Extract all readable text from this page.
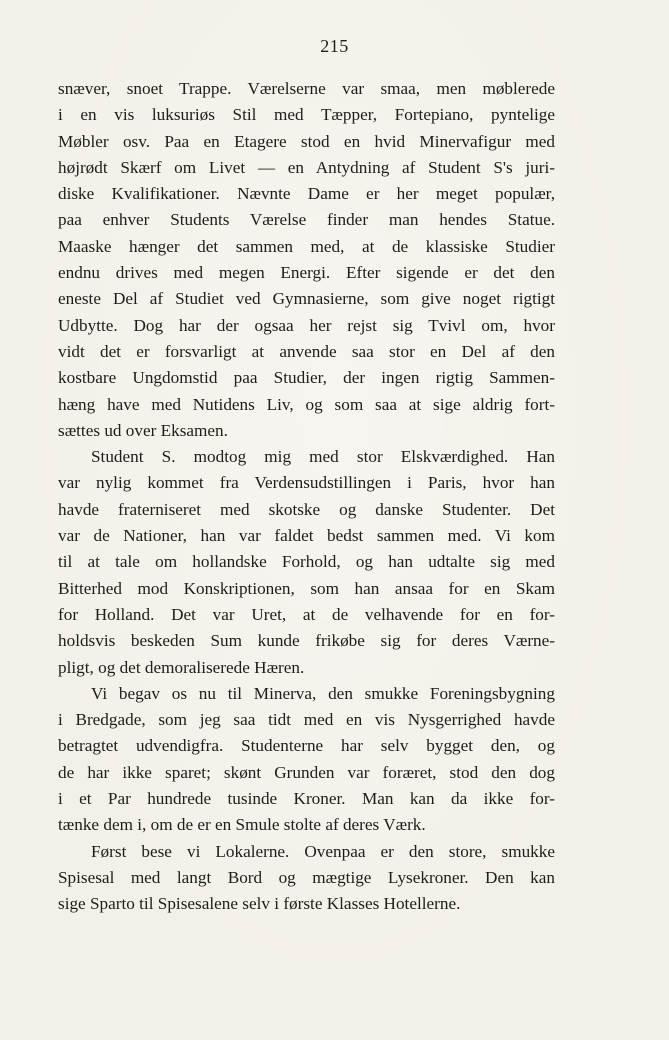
215
snæver, snoet Trappe. Værelserne var smaa, men møblerede
i en vis luksuriøs Stil med Tæpper, Fortepiano, pyntelige
Møbler osv. Paa en Etagere stod en hvid Minervafigur med
højrødt Skærf om Livet — en Antydning af Student S's juri-
diske Kvalifikationer. Nævnte Dame er her meget populær,
paa enhver Students Værelse finder man hendes Statue.
Maaske hænger det sammen med, at de klassiske Studier
endnu drives med megen Energi. Efter sigende er det den
eneste Del af Studiet ved Gymnasierne, som give noget rigtigt
Udbytte. Dog har der ogsaa her rejst sig Tvivl om, hvor
vidt det er forsvarligt at anvende saa stor en Del af den
kostbare Ungdomstid paa Studier, der ingen rigtig Sammen-
hæng have med Nutidens Liv, og som saa at sige aldrig fort-
sættes ud over Eksamen.
Student S. modtog mig med stor Elskværdighed. Han
var nylig kommet fra Verdensudstillingen i Paris, hvor han
havde fraterniseret med skotske og danske Studenter. Det
var de Nationer, han var faldet bedst sammen med. Vi kom
til at tale om hollandske Forhold, og han udtalte sig med
Bitterhed mod Konskriptionen, som han ansaa for en Skam
for Holland. Det var Uret, at de velhavende for en for-
holdsvis beskeden Sum kunde frikøbe sig for deres Værne-
pligt, og det demoraliserede Hæren.
Vi begav os nu til Minerva, den smukke Foreningsbygning
i Bredgade, som jeg saa tidt med en vis Nysgerrighed havde
betragtet udvendigfra. Studenterne har selv bygget den, og
de har ikke sparet; skønt Grunden var foræret, stod den dog
i et Par hundrede tusinde Kroner. Man kan da ikke for-
tænke dem i, om de er en Smule stolte af deres Værk.
Først bese vi Lokalerne. Ovenpaa er den store, smukke
Spisesal med langt Bord og mægtige Lysekroner. Den kan
sige Sparto til Spisesalene selv i første Klasses Hotellerne.
